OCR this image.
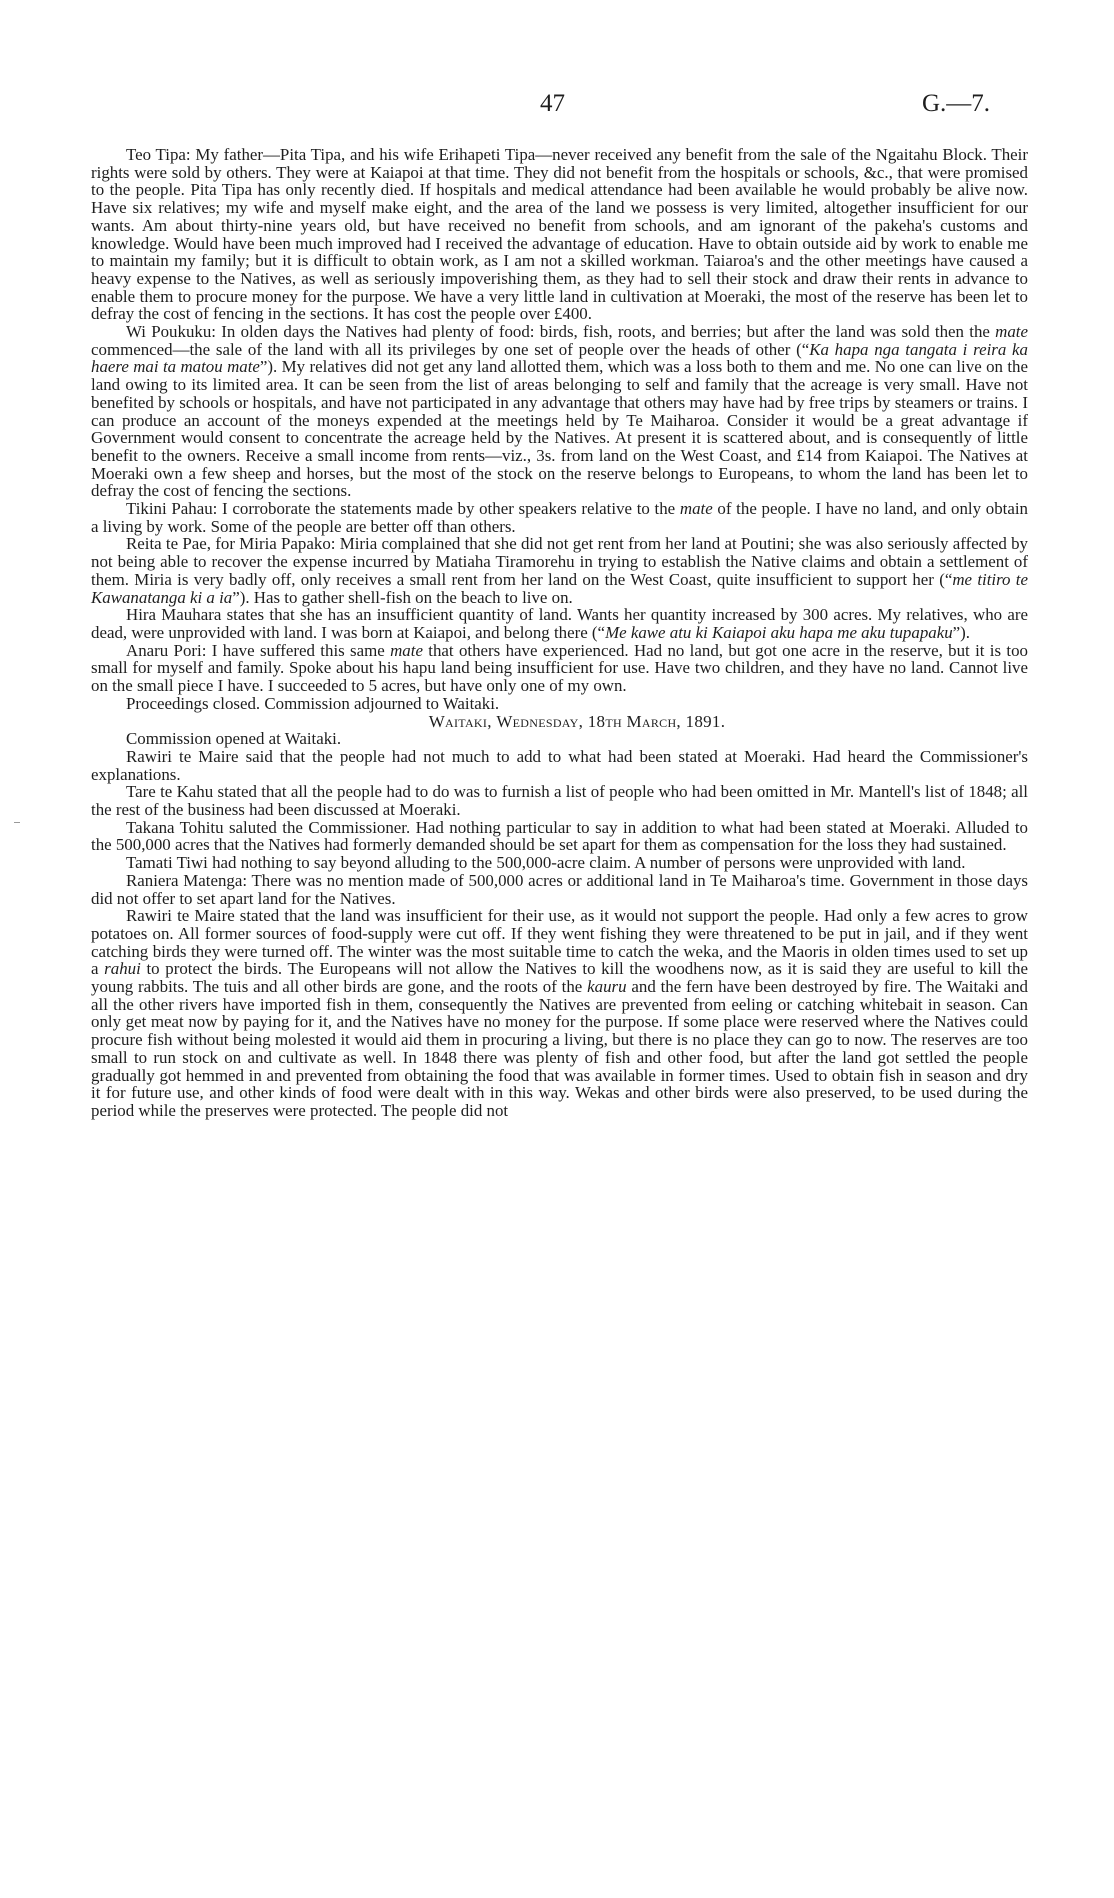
47	G.—7.

Teo Tipa: My father—Pita Tipa, and his wife Erihapeti Tipa—never received any benefit from the sale of the Ngaitahu Block. Their rights were sold by others. They were at Kaiapoi at that time. They did not benefit from the hospitals or schools, &c., that were promised to the people. Pita Tipa has only recently died. If hospitals and medical attendance had been available he would probably be alive now. Have six relatives; my wife and myself make eight, and the area of the land we possess is very limited, altogether insufficient for our wants. Am about thirty-nine years old, but have received no benefit from schools, and am ignorant of the pakeha's customs and knowledge. Would have been much improved had I received the advantage of education. Have to obtain outside aid by work to enable me to maintain my family; but it is difficult to obtain work, as I am not a skilled workman. Taiaroa's and the other meetings have caused a heavy expense to the Natives, as well as seriously impoverishing them, as they had to sell their stock and draw their rents in advance to enable them to procure money for the purpose. We have a very little land in cultivation at Moeraki, the most of the reserve has been let to defray the cost of fencing in the sections. It has cost the people over £400.

Wi Poukuku: In olden days the Natives had plenty of food: birds, fish, roots, and berries; but after the land was sold then the mate commenced—the sale of the land with all its privileges by one set of people over the heads of other (“Ka hapa nga tangata i reira ka haere mai ta matou mate”). My relatives did not get any land allotted them, which was a loss both to them and me. No one can live on the land owing to its limited area. It can be seen from the list of areas belonging to self and family that the acreage is very small. Have not benefited by schools or hospitals, and have not participated in any advantage that others may have had by free trips by steamers or trains. I can produce an account of the moneys expended at the meetings held by Te Maiharoa. Consider it would be a great advantage if Government would consent to concentrate the acreage held by the Natives. At present it is scattered about, and is consequently of little benefit to the owners. Receive a small income from rents—viz., 3s. from land on the West Coast, and £14 from Kaiapoi. The Natives at Moeraki own a few sheep and horses, but the most of the stock on the reserve belongs to Europeans, to whom the land has been let to defray the cost of fencing the sections.

Tikini Pahau: I corroborate the statements made by other speakers relative to the mate of the people. I have no land, and only obtain a living by work. Some of the people are better off than others.

Reita te Pae, for Miria Papako: Miria complained that she did not get rent from her land at Poutini; she was also seriously affected by not being able to recover the expense incurred by Matiaha Tiramorehu in trying to establish the Native claims and obtain a settlement of them. Miria is very badly off, only receives a small rent from her land on the West Coast, quite insufficient to support her (“me titiro te Kawanatanga ki a ia”). Has to gather shell-fish on the beach to live on.

Hira Mauhara states that she has an insufficient quantity of land. Wants her quantity increased by 300 acres. My relatives, who are dead, were unprovided with land. I was born at Kaiapoi, and belong there (“Me kawe atu ki Kaiapoi aku hapa me aku tupapaku”).

Anaru Pori: I have suffered this same mate that others have experienced. Had no land, but got one acre in the reserve, but it is too small for myself and family. Spoke about his hapu land being insufficient for use. Have two children, and they have no land. Cannot live on the small piece I have. I succeeded to 5 acres, but have only one of my own.

Proceedings closed. Commission adjourned to Waitaki.

Waitaki, Wednesday, 18th March, 1891.

Commission opened at Waitaki.

Rawiri te Maire said that the people had not much to add to what had been stated at Moeraki. Had heard the Commissioner's explanations.

Tare te Kahu stated that all the people had to do was to furnish a list of people who had been omitted in Mr. Mantell's list of 1848; all the rest of the business had been discussed at Moeraki.

Takana Tohitu saluted the Commissioner. Had nothing particular to say in addition to what had been stated at Moeraki. Alluded to the 500,000 acres that the Natives had formerly demanded should be set apart for them as compensation for the loss they had sustained.

Tamati Tiwi had nothing to say beyond alluding to the 500,000-acre claim. A number of persons were unprovided with land.

Raniera Matenga: There was no mention made of 500,000 acres or additional land in Te Maiharoa's time. Government in those days did not offer to set apart land for the Natives.

Rawiri te Maire stated that the land was insufficient for their use, as it would not support the people. Had only a few acres to grow potatoes on. All former sources of food-supply were cut off. If they went fishing they were threatened to be put in jail, and if they went catching birds they were turned off. The winter was the most suitable time to catch the weka, and the Maoris in olden times used to set up a rahui to protect the birds. The Europeans will not allow the Natives to kill the woodhens now, as it is said they are useful to kill the young rabbits. The tuis and all other birds are gone, and the roots of the kauru and the fern have been destroyed by fire. The Waitaki and all the other rivers have imported fish in them, consequently the Natives are prevented from eeling or catching whitebait in season. Can only get meat now by paying for it, and the Natives have no money for the purpose. If some place were reserved where the Natives could procure fish without being molested it would aid them in procuring a living, but there is no place they can go to now. The reserves are too small to run stock on and cultivate as well. In 1848 there was plenty of fish and other food, but after the land got settled the people gradually got hemmed in and prevented from obtaining the food that was available in former times. Used to obtain fish in season and dry it for future use, and other kinds of food were dealt with in this way. Wekas and other birds were also preserved, to be used during the period while the preserves were protected. The people did not
